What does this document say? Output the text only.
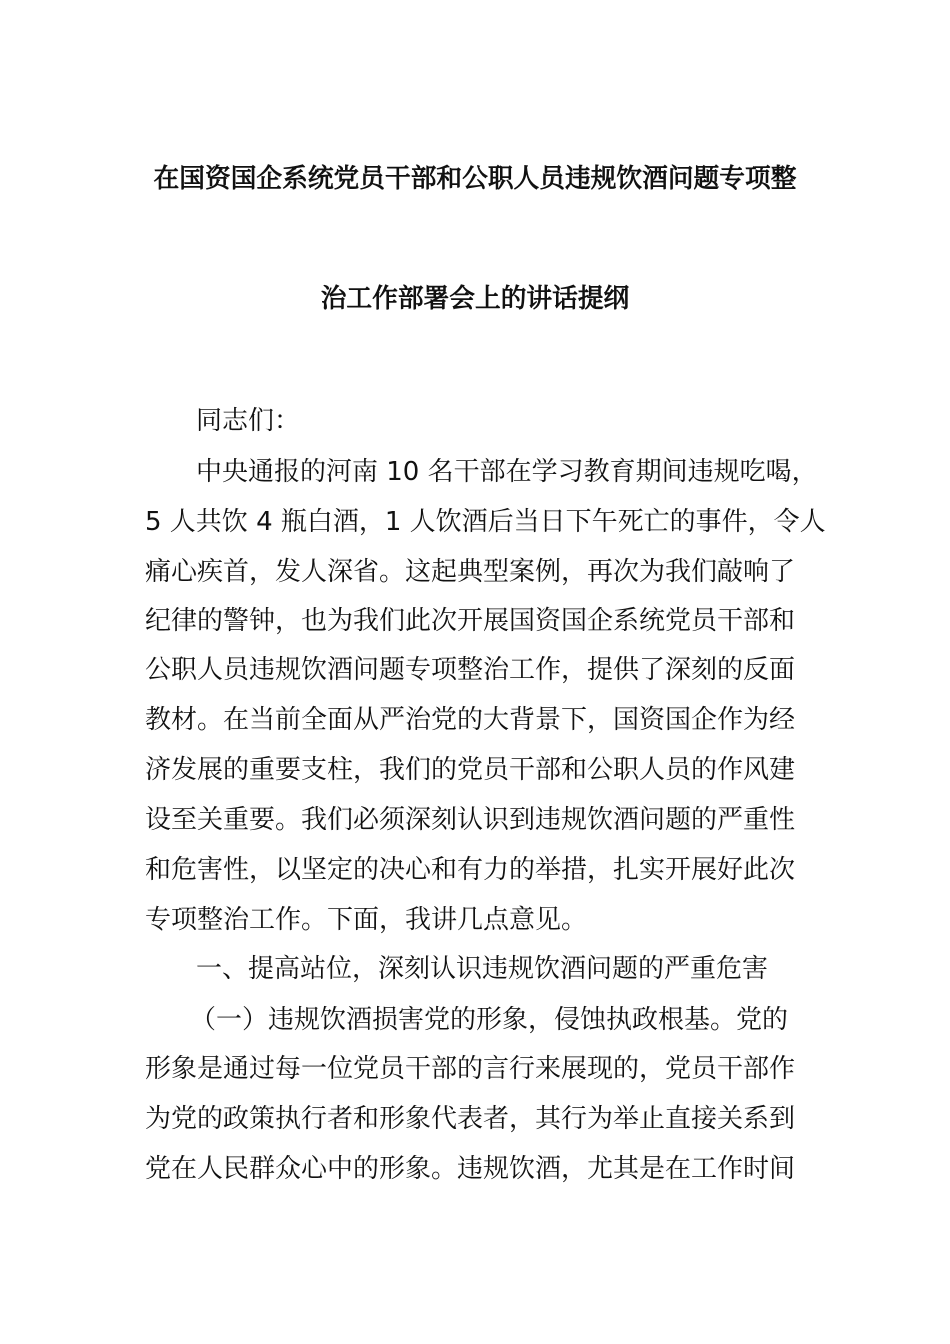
在国资国企系统党员干部和公职人员违规饮酒问题专项整
治工作部署会上的讲话提纲
同志们：
中央通报的河南 10 名干部在学习教育期间违规吃喝，
5 人共饮 4 瓶白酒，1 人饮酒后当日下午死亡的事件，令人
痛心疾首，发人深省。这起典型案例，再次为我们敲响了
纪律的警钟，也为我们此次开展国资国企系统党员干部和
公职人员违规饮酒问题专项整治工作，提供了深刻的反面
教材。在当前全面从严治党的大背景下，国资国企作为经
济发展的重要支柱，我们的党员干部和公职人员的作风建
设至关重要。我们必须深刻认识到违规饮酒问题的严重性
和危害性，以坚定的决心和有力的举措，扎实开展好此次
专项整治工作。下面，我讲几点意见。
一、提高站位，深刻认识违规饮酒问题的严重危害
（一）违规饮酒损害党的形象，侵蚀执政根基。党的
形象是通过每一位党员干部的言行来展现的，党员干部作
为党的政策执行者和形象代表者，其行为举止直接关系到
党在人民群众心中的形象。违规饮酒，尤其是在工作时间
